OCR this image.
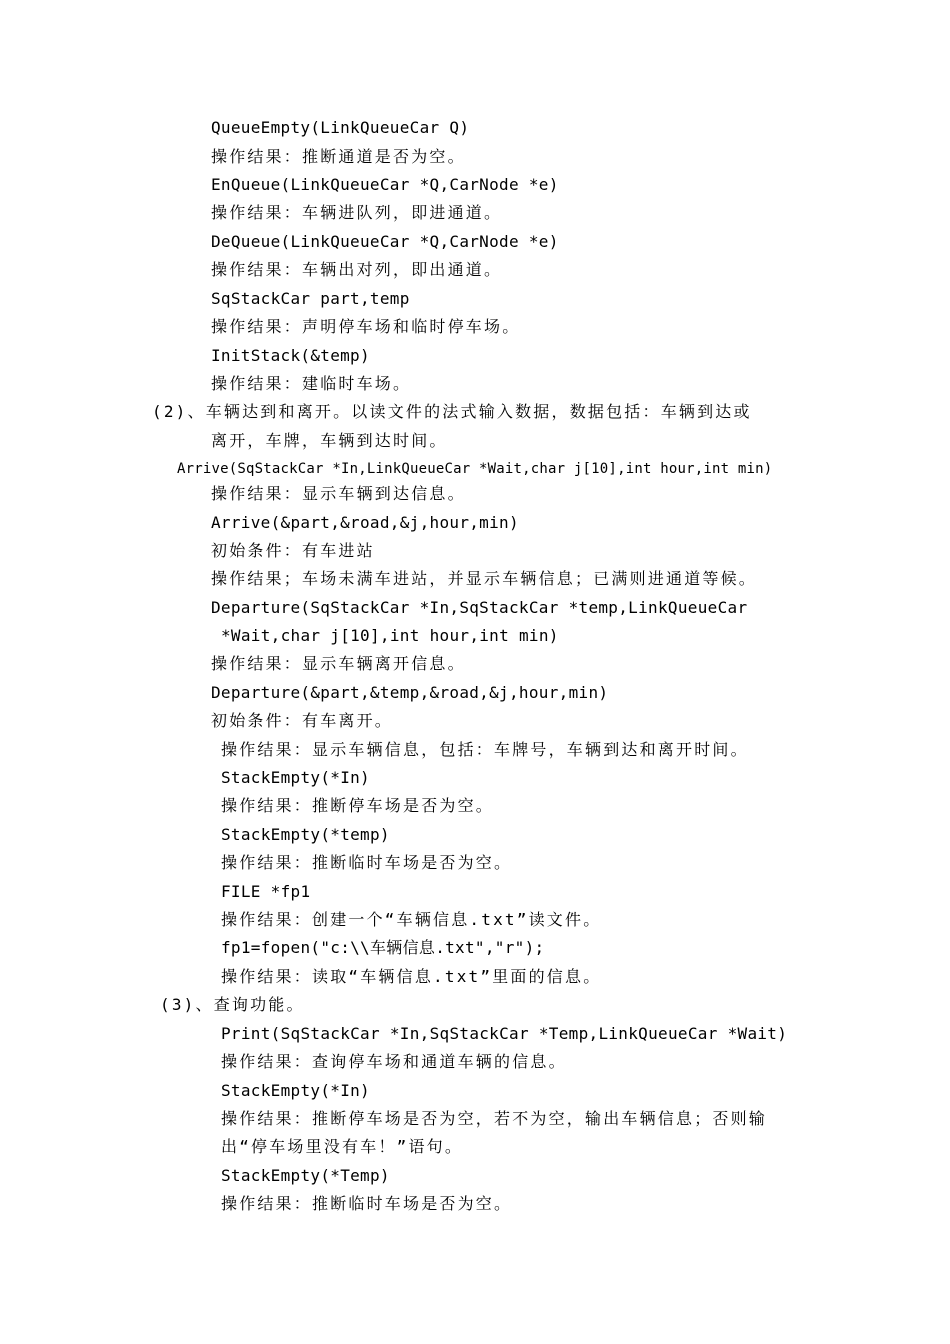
QueueEmpty(LinkQueueCar Q)
操作结果：推断通道是否为空。
EnQueue(LinkQueueCar *Q,CarNode *e)
操作结果：车辆进队列，即进通道。
DeQueue(LinkQueueCar *Q,CarNode *e)
操作结果：车辆出对列，即出通道。
SqStackCar part,temp
操作结果：声明停车场和临时停车场。
InitStack(&temp)
操作结果：建临时车场。
(2)、车辆达到和离开。以读文件的法式输入数据，数据包括：车辆到达或
离开，车牌，车辆到达时间。
Arrive(SqStackCar *In,LinkQueueCar *Wait,char j[10],int hour,int min)
操作结果：显示车辆到达信息。
Arrive(&part,&road,&j,hour,min)
初始条件：有车进站
操作结果；车场未满车进站，并显示车辆信息；已满则进通道等候。
Departure(SqStackCar *In,SqStackCar *temp,LinkQueueCar
*Wait,char j[10],int hour,int min)
操作结果：显示车辆离开信息。
Departure(&part,&temp,&road,&j,hour,min)
初始条件：有车离开。
操作结果：显示车辆信息，包括：车牌号，车辆到达和离开时间。
StackEmpty(*In)
操作结果：推断停车场是否为空。
StackEmpty(*temp)
操作结果：推断临时车场是否为空。
FILE *fp1
操作结果：创建一个“车辆信息.txt”读文件。
fp1=fopen("c:\\车辆信息.txt","r");
操作结果：读取“车辆信息.txt”里面的信息。
(3)、查询功能。
Print(SqStackCar *In,SqStackCar *Temp,LinkQueueCar *Wait)
操作结果：查询停车场和通道车辆的信息。
StackEmpty(*In)
操作结果：推断停车场是否为空，若不为空，输出车辆信息；否则输
出“停车场里没有车！”语句。
StackEmpty(*Temp)
操作结果：推断临时车场是否为空。
